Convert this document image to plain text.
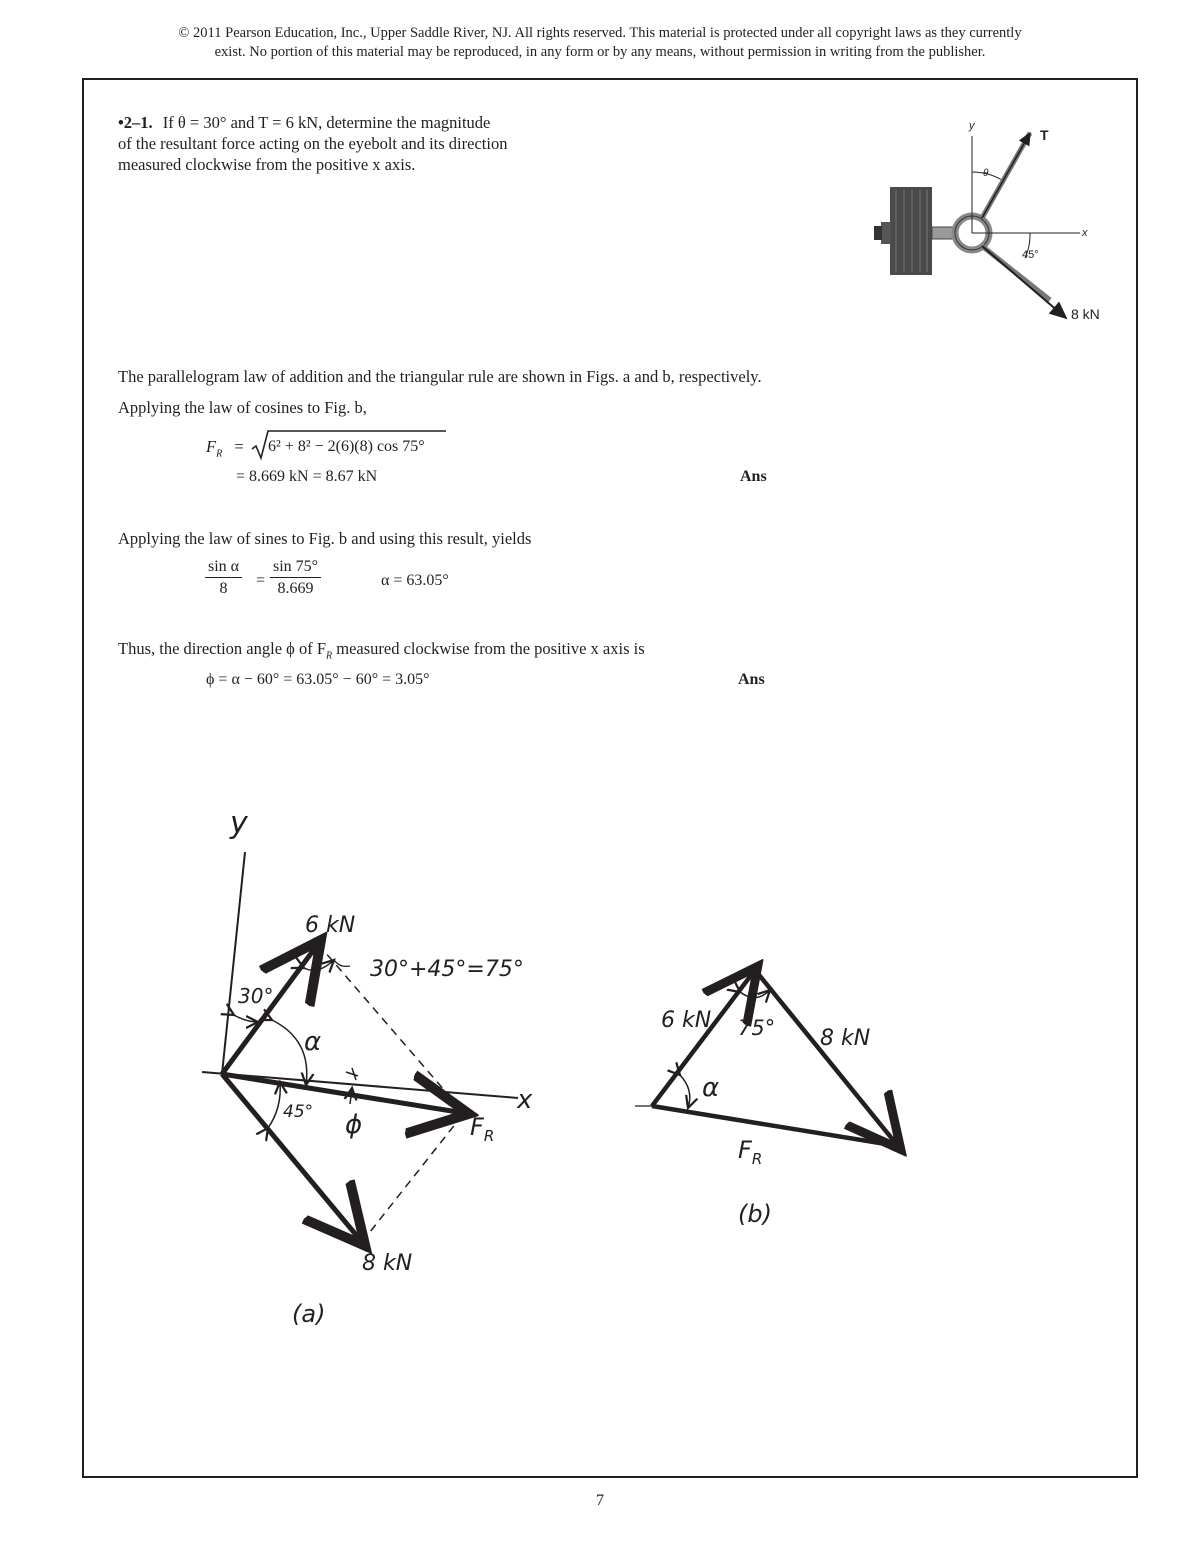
© 2011 Pearson Education, Inc., Upper Saddle River, NJ. All rights reserved. This material is protected under all copyright laws as they currently
exist. No portion of this material may be reproduced, in any form or by any means, without permission in writing from the publisher.
•2–1. If θ = 30° and T = 6 kN, determine the magnitude
of the resultant force acting on the eyebolt and its direction
measured clockwise from the positive x axis.
y
x
θ
T
45°
8 kN
The parallelogram law of addition and the triangular rule are shown in Figs. a and b, respectively.
Applying the law of cosines to Fig. b,
$F_R = 6^2 + 8^2 - 2(6)(8)$ cos 75°
= 8.669 kN = 8.67 kN	Ans
Applying the law of sines to Fig. b and using this result, yields
$\frac{\text{sin α}}{8} = \frac{\sin 75^\circ}{8.669}$	α = 63.05°
Thus, the direction angle ϕ of $F_R$ measured clockwise from the positive x axis is
ϕ = α − 60° = 63.05° − 60° = 3.05°	Ans
y
x
6 kN
8 kN
$F_R$
30°
α
45° ϕ
30°+45°=75°
(a)
6 kN
8 kN
75°
α
$F_R$
(b)
7
